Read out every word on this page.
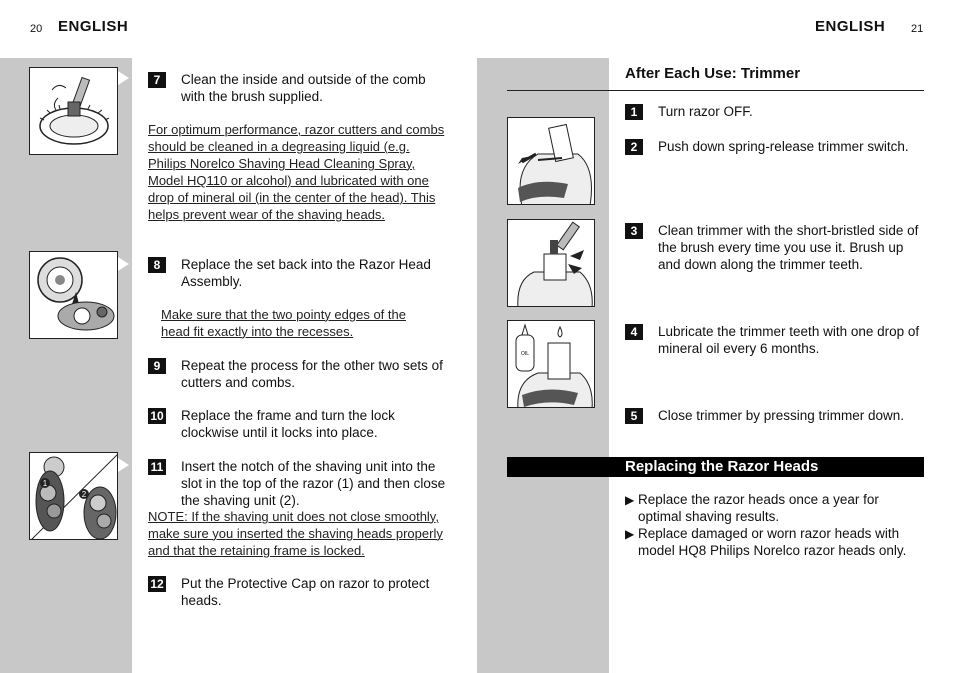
20 ENGLISH
1
2
7	Clean the inside and outside of the comb with the brush supplied.
For optimum performance, razor cutters and combs should be cleaned in a degreasing liquid (e.g. Philips Norelco Shaving Head Cleaning Spray, Model HQ110 or alcohol) and lubricated with one drop of mineral oil (in the center of the head). This helps prevent wear of the shaving heads.
8	Replace the set back into the Razor Head Assembly.
Make sure that the two pointy edges of the head fit exactly into the recesses.
9	Repeat the process for the other two sets of cutters and combs.
10 Replace the frame and turn the lock clockwise until it locks into place.
11 Insert the notch of the shaving unit into the slot in the top of the razor (1) and then close the shaving unit (2).
NOTE: If the shaving unit does not close smoothly, make sure you inserted the shaving heads properly and that the retaining frame is locked.
12 Put the Protective Cap on razor to protect heads.
ENGLISH 21
After Each Use: Trimmer
OIL
1	Turn razor OFF.
2	Push down spring-release trimmer switch.
3	Clean trimmer with the short-bristled side of the brush every time you use it. Brush up and down along the trimmer teeth.
4	Lubricate the trimmer teeth with one drop of mineral oil every 6 months.
5	Close trimmer by pressing trimmer down.
Replacing the Razor Heads
▶ Replace the razor heads once a year for optimal shaving results.
▶ Replace damaged or worn razor heads with model HQ8 Philips Norelco razor heads only.
